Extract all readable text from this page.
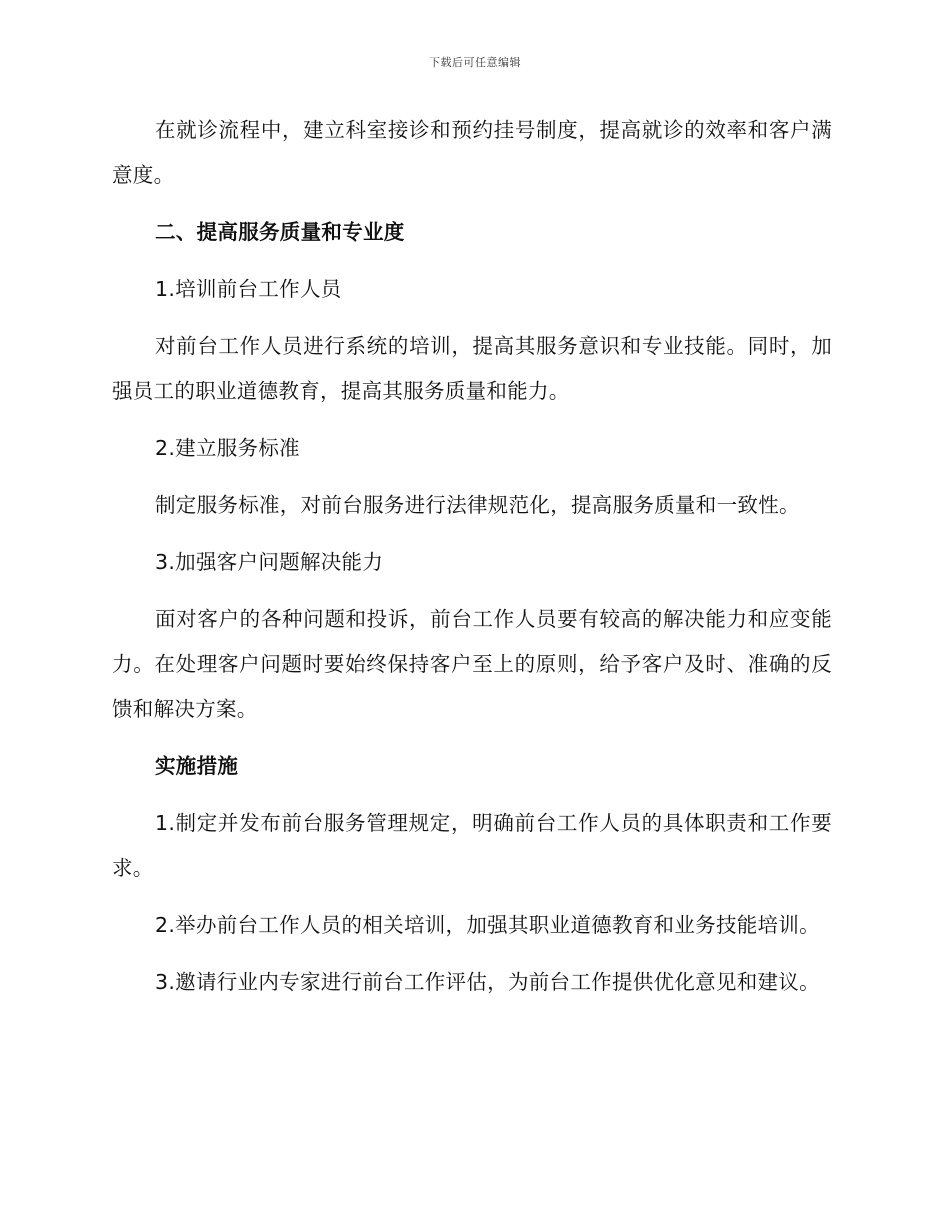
下载后可任意编辑

在就诊流程中，建立科室接诊和预约挂号制度，提高就诊的效率和客户满意度。

二、提高服务质量和专业度

1.培训前台工作人员

对前台工作人员进行系统的培训，提高其服务意识和专业技能。同时，加强员工的职业道德教育，提高其服务质量和能力。

2.建立服务标准

制定服务标准，对前台服务进行法律规范化，提高服务质量和一致性。

3.加强客户问题解决能力

面对客户的各种问题和投诉，前台工作人员要有较高的解决能力和应变能力。在处理客户问题时要始终保持客户至上的原则，给予客户及时、准确的反馈和解决方案。

实施措施

1.制定并发布前台服务管理规定，明确前台工作人员的具体职责和工作要求。

2.举办前台工作人员的相关培训，加强其职业道德教育和业务技能培训。

3.邀请行业内专家进行前台工作评估，为前台工作提供优化意见和建议。
